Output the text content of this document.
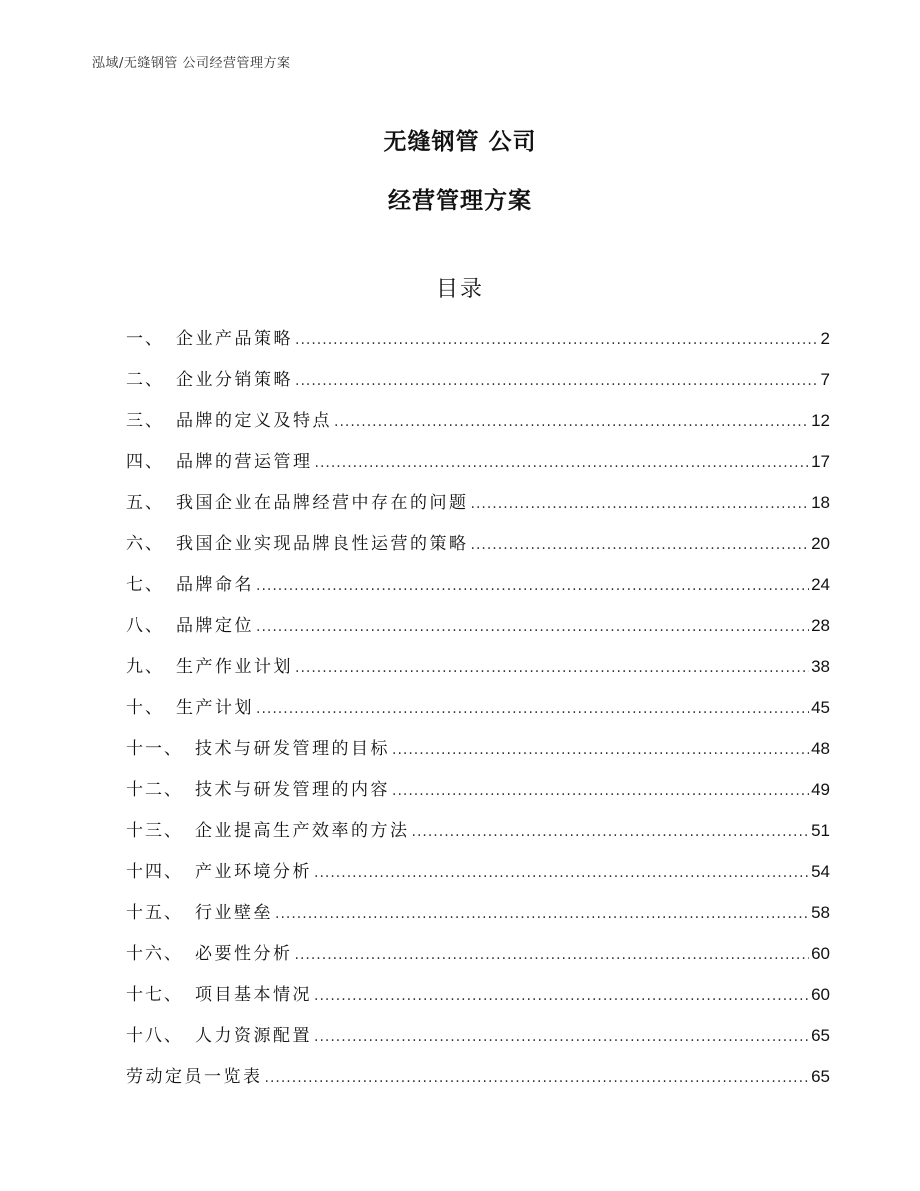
泓域/无缝钢管 公司经营管理方案
无缝钢管 公司
经营管理方案
目录
一 、 企业产品策略 .....	2
二 、 企业分销策略 .....	7
三 、 品牌的定义及特点 .....	12
四 、 品牌的营运管理 .....	17
五 、 我国企业在品牌经营中存在的问题 .....	18
六 、 我国企业实现品牌良性运营的策略 .....	20
七 、 品牌命名 .....	24
八 、 品牌定位 .....	28
九 、 生产作业计划 .....	38
十 、 生产计划 .....	45
十一 、 技术与研发管理的目标 .....	48
十二 、 技术与研发管理的内容 .....	49
十三 、 企业提高生产效率的方法 .....	51
十四 、 产业环境分析 .....	54
十五 、 行业壁垒 .....	58
十六 、 必要性分析 .....	60
十七 、 项目基本情况 .....	60
十八 、 人力资源配置 .....	65
劳动定员一览表 .....	65
